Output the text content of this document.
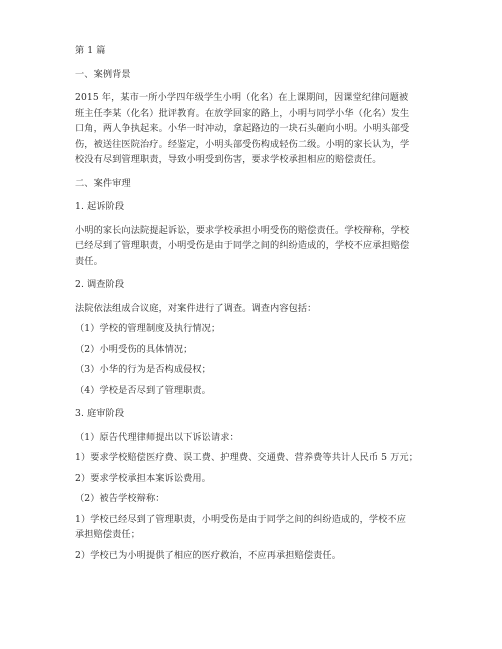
第 1 篇
一、案例背景
2015 年，某市一所小学四年级学生小明（化名）在上课期间，因课堂纪律问题被
班主任李某（化名）批评教育。在放学回家的路上，小明与同学小华（化名）发生
口角，两人争执起来。小华一时冲动，拿起路边的一块石头砸向小明。小明头部受
伤，被送往医院治疗。经鉴定，小明头部受伤构成轻伤二级。小明的家长认为，学
校没有尽到管理职责，导致小明受到伤害，要求学校承担相应的赔偿责任。
二、案件审理
1. 起诉阶段
小明的家长向法院提起诉讼，要求学校承担小明受伤的赔偿责任。学校辩称，学校
已经尽到了管理职责，小明受伤是由于同学之间的纠纷造成的，学校不应承担赔偿
责任。
2. 调查阶段
法院依法组成合议庭，对案件进行了调查。调查内容包括：
（1）学校的管理制度及执行情况；
（2）小明受伤的具体情况；
（3）小华的行为是否构成侵权；
（4）学校是否尽到了管理职责。
3. 庭审阶段
（1）原告代理律师提出以下诉讼请求：
1）要求学校赔偿医疗费、误工费、护理费、交通费、营养费等共计人民币 5 万元；
2）要求学校承担本案诉讼费用。
（2）被告学校辩称：
1）学校已经尽到了管理职责，小明受伤是由于同学之间的纠纷造成的，学校不应
承担赔偿责任；
2）学校已为小明提供了相应的医疗救治，不应再承担赔偿责任。
